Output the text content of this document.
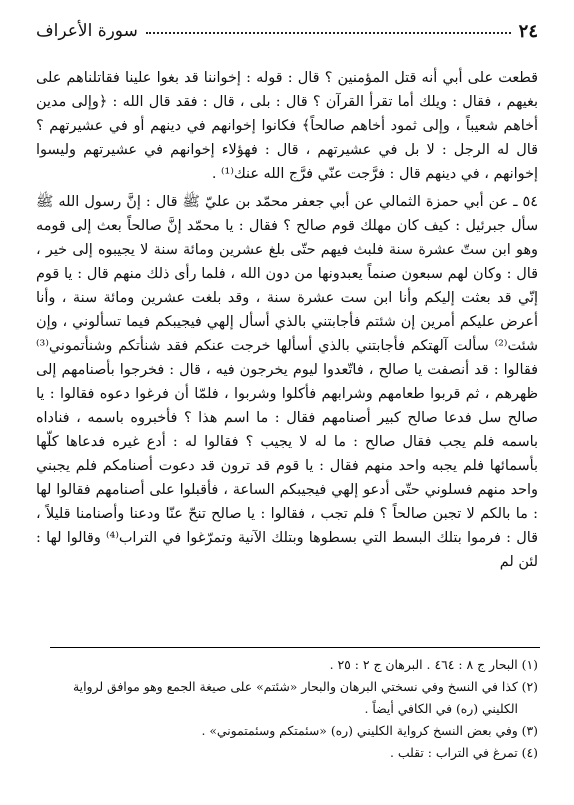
٢٤
سورة الأعراف

قطعت على أبي أنه قتل المؤمنين ؟ قال : قوله : إخواننا قد بغوا علينا فقاتلناهم على بغيهم ، فقال : ويلك أما تقرأ القرآن ؟ قال : بلى ، قال : فقد قال الله : ﴿وإلى مدين أخاهم شعيباً ، وإلى ثمود أخاهم صالحاً﴾ فكانوا إخوانهم في دينهم أو في عشيرتهم ؟ قال له الرجل : لا بل في عشيرتهم ، قال : فهؤلاء إخوانهم في عشيرتهم وليسوا إخوانهم ، في دينهم قال : فرَّجت عنّي فرَّج الله عنك⁽¹⁾ .

٥٤ ـ عن أبي حمزة الثمالي عن أبي جعفر محمّد بن عليّ ﷺ قال : إنَّ رسول الله ﷺ سأل جبرئيل : كيف كان مهلك قوم صالح ؟ فقال : يا محمّد إنَّ صالحاً بعث إلى قومه وهو ابن ستّ عشرة سنة فلبث فيهم حتّى بلغ عشرين ومائة سنة لا يجيبوه إلى خير ، قال : وكان لهم سبعون صنماً يعبدونها من دون الله ، فلما رأى ذلك منهم قال : يا قوم إنّي قد بعثت إليكم وأنا ابن ست عشرة سنة ، وقد بلغت عشرين ومائة سنة ، وأنا أعرض عليكم أمرين إن شئتم فأجابتني بالذي أسأل إلهي فيجيبكم فيما تسألوني ، وإن شئت⁽²⁾ سألت آلهتكم فأجابتني بالذي أسألها خرجت عنكم فقد شنأتكم وشنأتموني⁽³⁾ فقالوا : قد أنصفت يا صالح ، فاتّعدوا ليوم يخرجون فيه ، قال : فخرجوا بأصنامهم إلى ظهرهم ، ثم قربوا طعامهم وشرابهم فأكلوا وشربوا ، فلمّا أن فرغوا دعوه فقالوا : يا صالح سل فدعا صالح كبير أصنامهم فقال : ما اسم هذا ؟ فأخبروه باسمه ، فناداه باسمه فلم يجب فقال صالح : ما له لا يجيب ؟ فقالوا له : أدع غيره فدعاها كلّها بأسمائها فلم يجبه واحد منهم فقال : يا قوم قد ترون قد دعوت أصنامكم فلم يجبني واحد منهم فسلوني حتّى أدعو إلهي فيجيبكم الساعة ، فأقبلوا على أصنامهم فقالوا لها : ما بالكم لا تجبن صالحاً ؟ فلم تجب ، فقالوا : يا صالح تنحّ عنّا ودعنا وأصنامنا قليلاً ، قال : فرموا بتلك البسط التي بسطوها وبتلك الآنية وتمرّغوا في التراب⁽⁴⁾ وقالوا لها : لئن لم

(١) البحار ج ٨ : ٤٦٤ . البرهان ج ٢ : ٢٥ .

(٢) كذا في النسخ وفي نسختي البرهان والبحار «شئتم» على صيغة الجمع وهو موافق لرواية

الكليني (ره) في الكافي أيضاً .

(٣) وفي بعض النسخ كرواية الكليني (ره) «سئمتكم وسئمتموني» .

(٤) تمرغ في التراب : تقلب .
